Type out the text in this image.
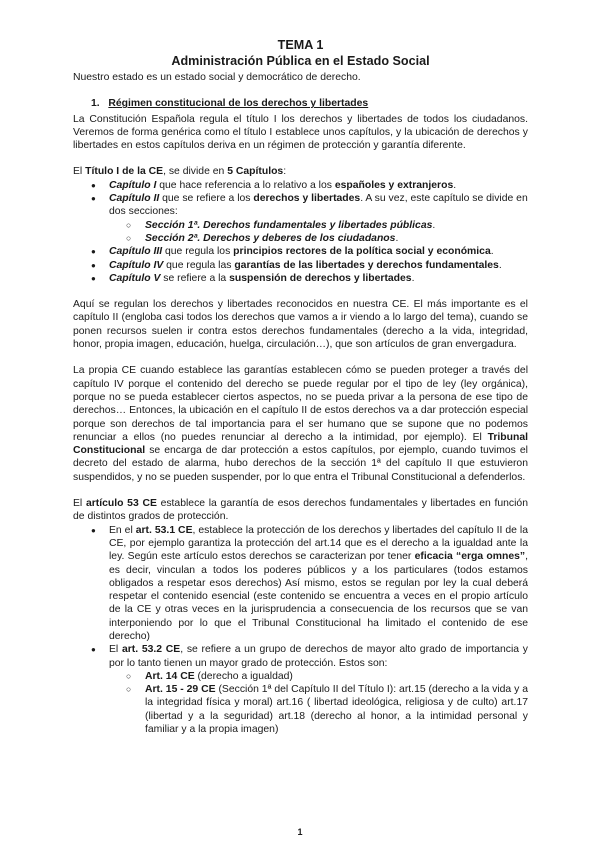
TEMA 1

Administración Pública en el Estado Social

Nuestro estado es un estado social y democrático de derecho.

1. Régimen constitucional de los derechos y libertades

La Constitución Española regula el título I los derechos y libertades de todos los ciudadanos. Veremos de forma genérica como el título I establece unos capítulos, y la ubicación de derechos y libertades en estos capítulos deriva en un régimen de protección y garantía diferente.

El Título I de la CE, se divide en 5 Capítulos:

● Capítulo I que hace referencia a lo relativo a los españoles y extranjeros.
● Capítulo II que se refiere a los derechos y libertades. A su vez, este capítulo se divide en dos secciones:
○ Sección 1ª. Derechos fundamentales y libertades públicas.
○ Sección 2ª. Derechos y deberes de los ciudadanos.
● Capítulo III que regula los principios rectores de la política social y económica.
● Capítulo IV que regula las garantías de las libertades y derechos fundamentales.
● Capítulo V se refiere a la suspensión de derechos y libertades.

Aquí se regulan los derechos y libertades reconocidos en nuestra CE. El más importante es el capítulo II (engloba casi todos los derechos que vamos a ir viendo a lo largo del tema), cuando se ponen recursos suelen ir contra estos derechos fundamentales (derecho a la vida, integridad, honor, propia imagen, educación, huelga, circulación…), que son artículos de gran envergadura.

La propia CE cuando establece las garantías establecen cómo se pueden proteger a través del capítulo IV porque el contenido del derecho se puede regular por el tipo de ley (ley orgánica), porque no se pueda establecer ciertos aspectos, no se pueda privar a la persona de ese tipo de derechos… Entonces, la ubicación en el capítulo II de estos derechos va a dar protección especial porque son derechos de tal importancia para el ser humano que se supone que no podemos renunciar a ellos (no puedes renunciar al derecho a la intimidad, por ejemplo). El Tribunal Constitucional se encarga de dar protección a estos capítulos, por ejemplo, cuando tuvimos el decreto del estado de alarma, hubo derechos de la sección 1ª del capítulo II que estuvieron suspendidos, y no se pueden suspender, por lo que entra el Tribunal Constitucional a defenderlos.

El artículo 53 CE establece la garantía de esos derechos fundamentales y libertades en función de distintos grados de protección.

● En el art. 53.1 CE, establece la protección de los derechos y libertades del capítulo II de la CE, por ejemplo garantiza la protección del art.14 que es el derecho a la igualdad ante la ley. Según este artículo estos derechos se caracterizan por tener eficacia “erga omnes”, es decir, vinculan a todos los poderes públicos y a los particulares (todos estamos obligados a respetar esos derechos) Así mismo, estos se regulan por ley la cual deberá respetar el contenido esencial (este contenido se encuentra a veces en el propio artículo de la CE y otras veces en la jurisprudencia a consecuencia de los recursos que se van interponiendo por lo que el Tribunal Constitucional ha limitado el contenido de ese derecho)
● El art. 53.2 CE, se refiere a un grupo de derechos de mayor alto grado de importancia y por lo tanto tienen un mayor grado de protección. Estos son:
○ Art. 14 CE (derecho a igualdad)
○ Art. 15 - 29 CE (Sección 1ª del Capítulo II del Título I): art.15 (derecho a la vida y a la integridad física y moral) art.16 ( libertad ideológica, religiosa y de culto) art.17 (libertad y a la seguridad) art.18 (derecho al honor, a la intimidad personal y familiar y a la propia imagen)
1
